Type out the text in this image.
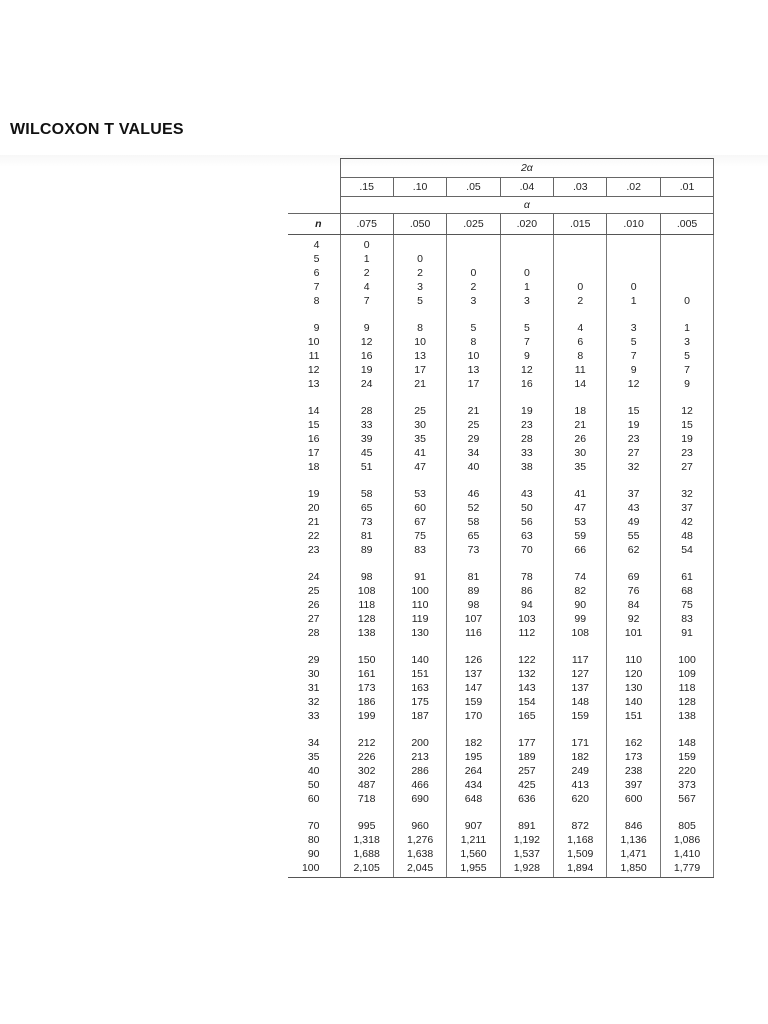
WILCOXON T VALUES
	2α						
	.15	.10	.05	.04	.03	.02	.01
	α						
n	.075	.050	.025	.020	.015	.010	.005
4	0						
5	1	0					
6	2	2	0	0			
7	4	3	2	1	0	0	
8	7	5	3	3	2	1	0

9	9	8	5	5	4	3	1
10	12	10	8	7	6	5	3
11	16	13	10	9	8	7	5
12	19	17	13	12	11	9	7
13	24	21	17	16	14	12	9

14	28	25	21	19	18	15	12
15	33	30	25	23	21	19	15
16	39	35	29	28	26	23	19
17	45	41	34	33	30	27	23
18	51	47	40	38	35	32	27

19	58	53	46	43	41	37	32
20	65	60	52	50	47	43	37
21	73	67	58	56	53	49	42
22	81	75	65	63	59	55	48
23	89	83	73	70	66	62	54

24	98	91	81	78	74	69	61
25	108	100	89	86	82	76	68
26	118	110	98	94	90	84	75
27	128	119	107	103	99	92	83
28	138	130	116	112	108	101	91

29	150	140	126	122	117	110	100
30	161	151	137	132	127	120	109
31	173	163	147	143	137	130	118
32	186	175	159	154	148	140	128
33	199	187	170	165	159	151	138

34	212	200	182	177	171	162	148
35	226	213	195	189	182	173	159
40	302	286	264	257	249	238	220
50	487	466	434	425	413	397	373
60	718	690	648	636	620	600	567

70	995	960	907	891	872	846	805
80	1,318	1,276	1,211	1,192	1,168	1,136	1,086
90	1,688	1,638	1,560	1,537	1,509	1,471	1,410
100	2,105	2,045	1,955	1,928	1,894	1,850	1,779
